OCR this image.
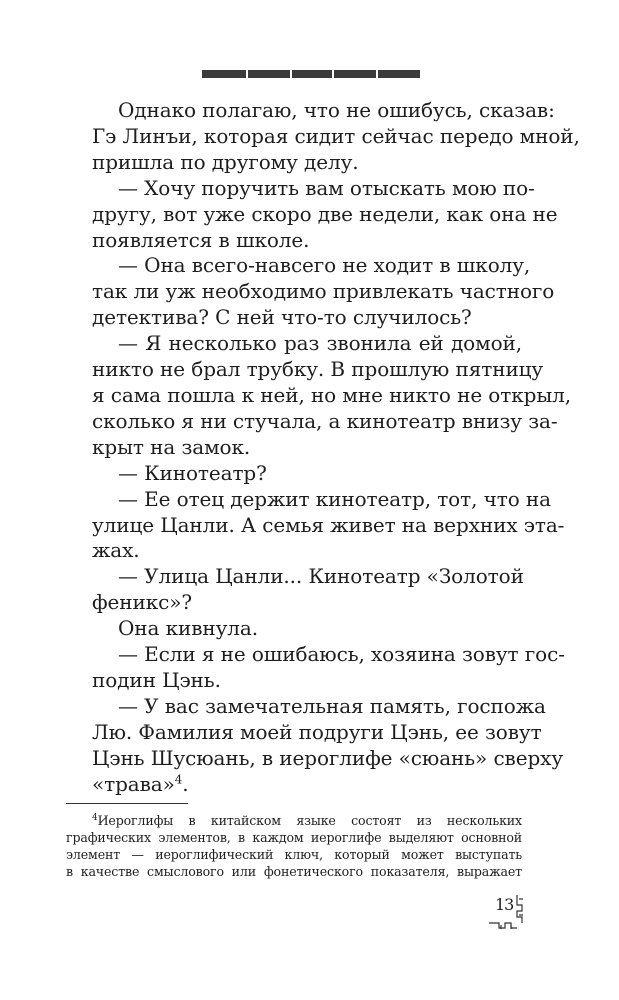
Однако полагаю, что не ошибусь, сказав:
Гэ Линъи, которая сидит сейчас передо мной,
пришла по другому делу.
— Хочу поручить вам отыскать мою по-
другу, вот уже скоро две недели, как она не
появляется в школе.
— Она всего-навсего не ходит в школу,
так ли уж необходимо привлекать частного
детектива? С ней что-то случилось?
— Я несколько раз звонила ей домой,
никто не брал трубку. В прошлую пятницу
я сама пошла к ней, но мне никто не открыл,
сколько я ни стучала, а кинотеатр внизу за-
крыт на замок.
— Кинотеатр?
— Ее отец держит кинотеатр, тот, что на
улице Цанли. А семья живет на верхних эта-
жах.
— Улица Цанли... Кинотеатр «Золотой
феникс»?
Она кивнула.
— Если я не ошибаюсь, хозяина зовут гос-
подин Цэнь.
— У вас замечательная память, госпожа
Лю. Фамилия моей подруги Цэнь, ее зовут
Цэнь Шусюань, в иероглифе «сюань» сверху
«трава»$^4$.
$^4$Иероглифы в китайском языке состоят из нескольких
графических элементов, в каждом иероглифе выделяют основной
элемент — иероглифический ключ, который может выступать
в качестве смыслового или фонетического показателя, выражает
13
